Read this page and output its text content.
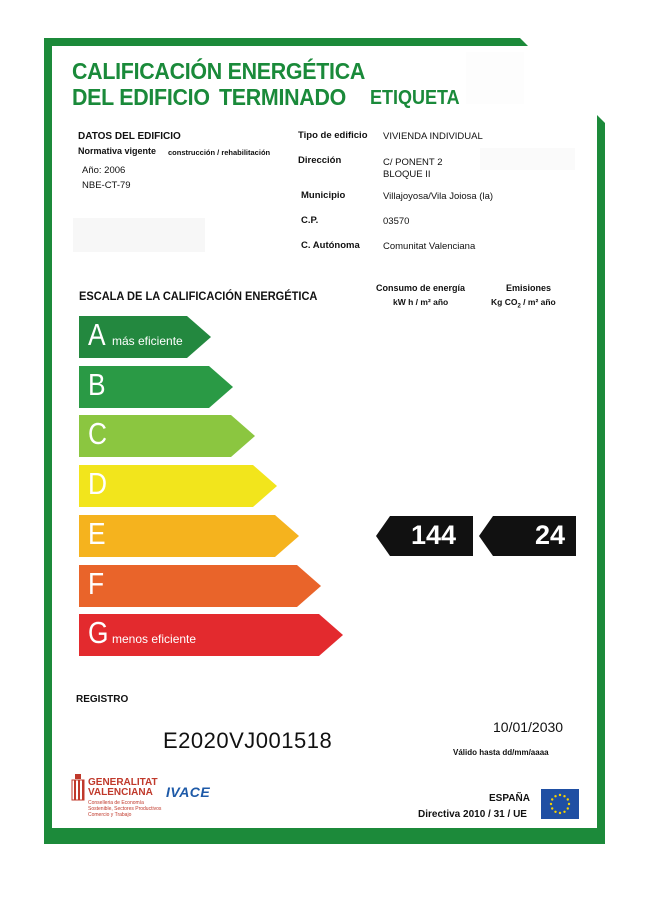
CALIFICACIÓN ENERGÉTICA
DEL EDIFICIO TERMINADO ETIQUETA
DATOS DEL EDIFICIO
Normativa vigente construcción / rehabilitación
Año: 2006
NBE-CT-79
Tipo de edificio VIVIENDA INDIVIDUAL
Dirección	C/ PONENT 2
BLOQUE II
Municipio	Villajoyosa/Vila Joiosa (la)
C.P.	03570
C. Autónoma Comunitat Valenciana
ESCALA DE LA CALIFICACIÓN ENERGÉTICA
Consumo de energía
kW h / m² año
Emisiones
Kg $CO_2 / m^2$ año
A más eficiente
B
C
D
E
F
G menos eficiente
144	24
REGISTRO
E2020VJ001518
10/01/2030
Válido hasta dd/mm/aaaa
GENERALITAT
VALENCIANA
Conselleria de Economía
Sostenible, Sectores Productivos
Comercio y Trabajo
IVACE	ESPAÑA
Directiva 2010 / 31 / UE
